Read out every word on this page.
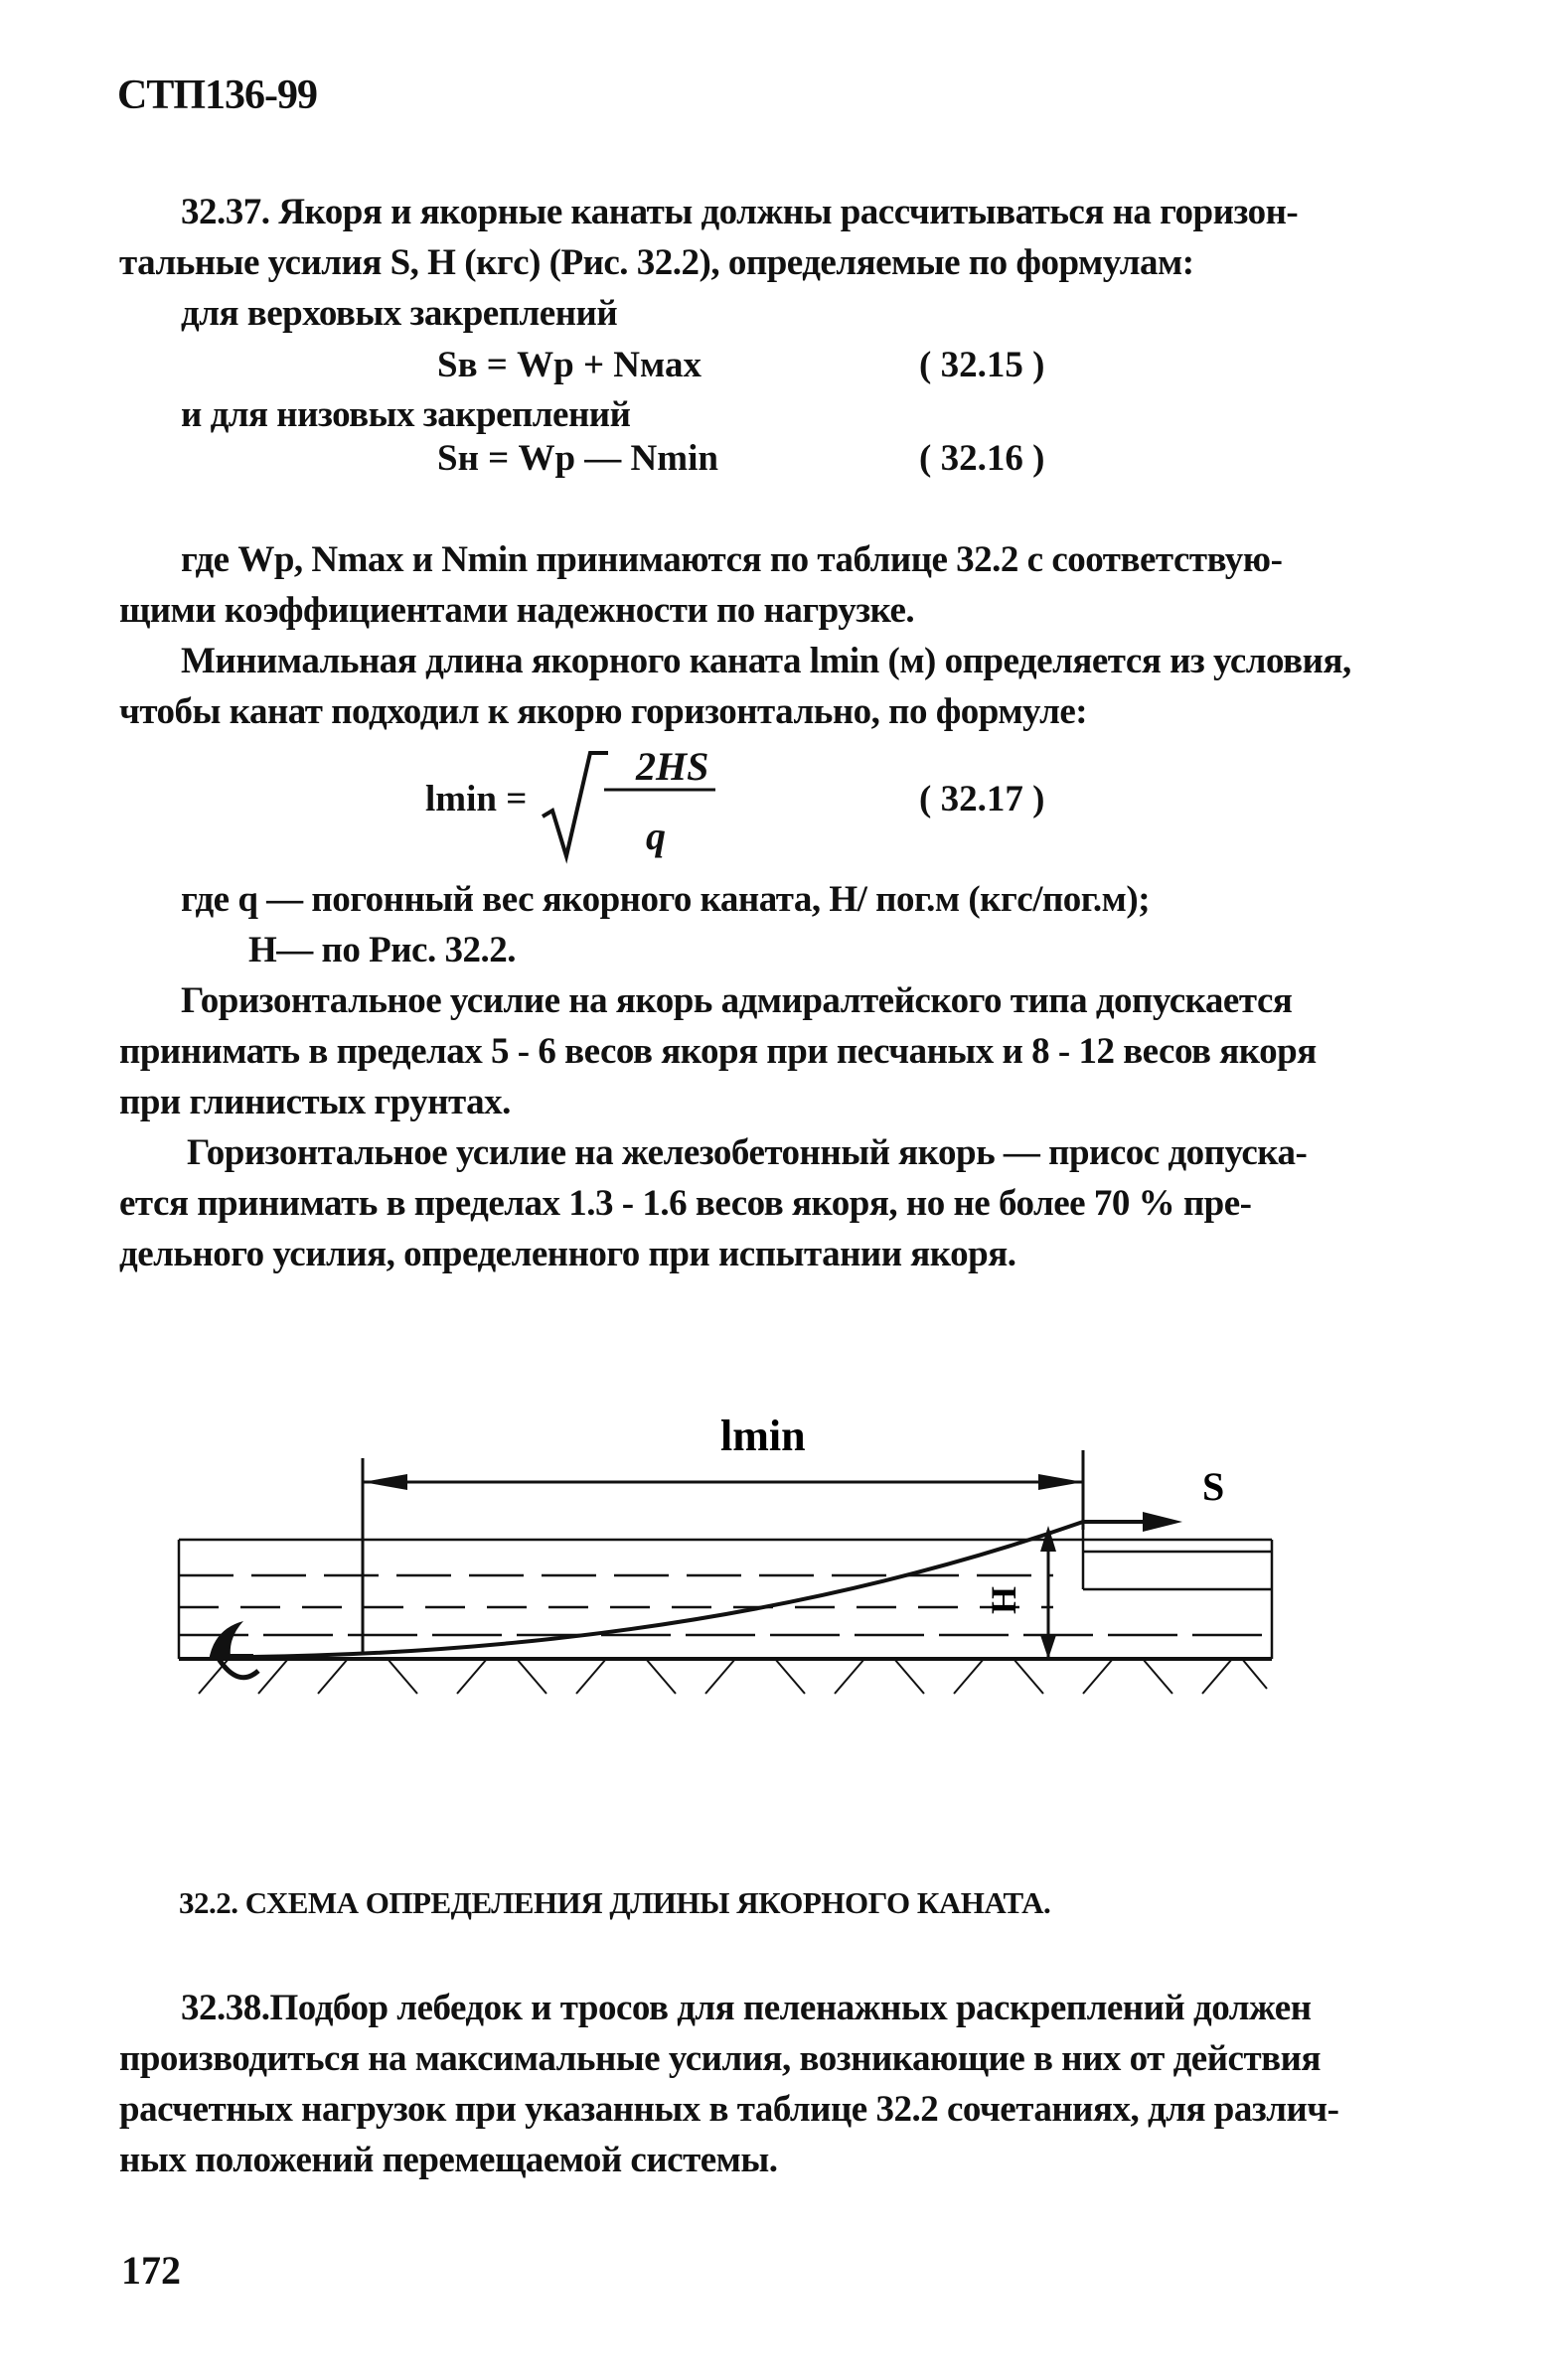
СТП136-99
32.37. Якоря и якорные канаты должны рассчитываться на горизон-
тальные усилия S, H (кгс) (Рис. 32.2), определяемые по формулам:
для верховых закреплений
Sв = Wр + Nмах	( 32.15 )
и для низовых закреплений
Sн = Wр — Nmin	( 32.16 )
где Wр, Nmax и Nmin принимаются по таблице 32.2 с соответствую-
щими коэффициентами надежности по нагрузке.
Минимальная длина якорного каната lmin (м) определяется из условия,
чтобы канат подходил к якорю горизонтально, по формуле:
lmin =
2HS
q
( 32.17 )
где q — погонный вес якорного каната, Н/ пог.м (кгс/пог.м);
Н— по Рис. 32.2.
Горизонтальное усилие на якорь адмиралтейского типа допускается
принимать в пределах 5 - 6 весов якоря при песчаных и 8 - 12 весов якоря
при глинистых грунтах.
Горизонтальное усилие на железобетонный якорь — присос допуска-
ется принимать в пределах 1.3 - 1.6 весов якоря, но не более 70 % пре-
дельного усилия, определенного при испытании якоря.
lmin
S
H
32.2. СХЕМА ОПРЕДЕЛЕНИЯ ДЛИНЫ ЯКОРНОГО КАНАТА.
32.38.Подбор лебедок и тросов для пеленажных раскреплений должен
производиться на максимальные усилия, возникающие в них от действия
расчетных нагрузок при указанных в таблице 32.2 сочетаниях, для различ-
ных положений перемещаемой системы.
172
